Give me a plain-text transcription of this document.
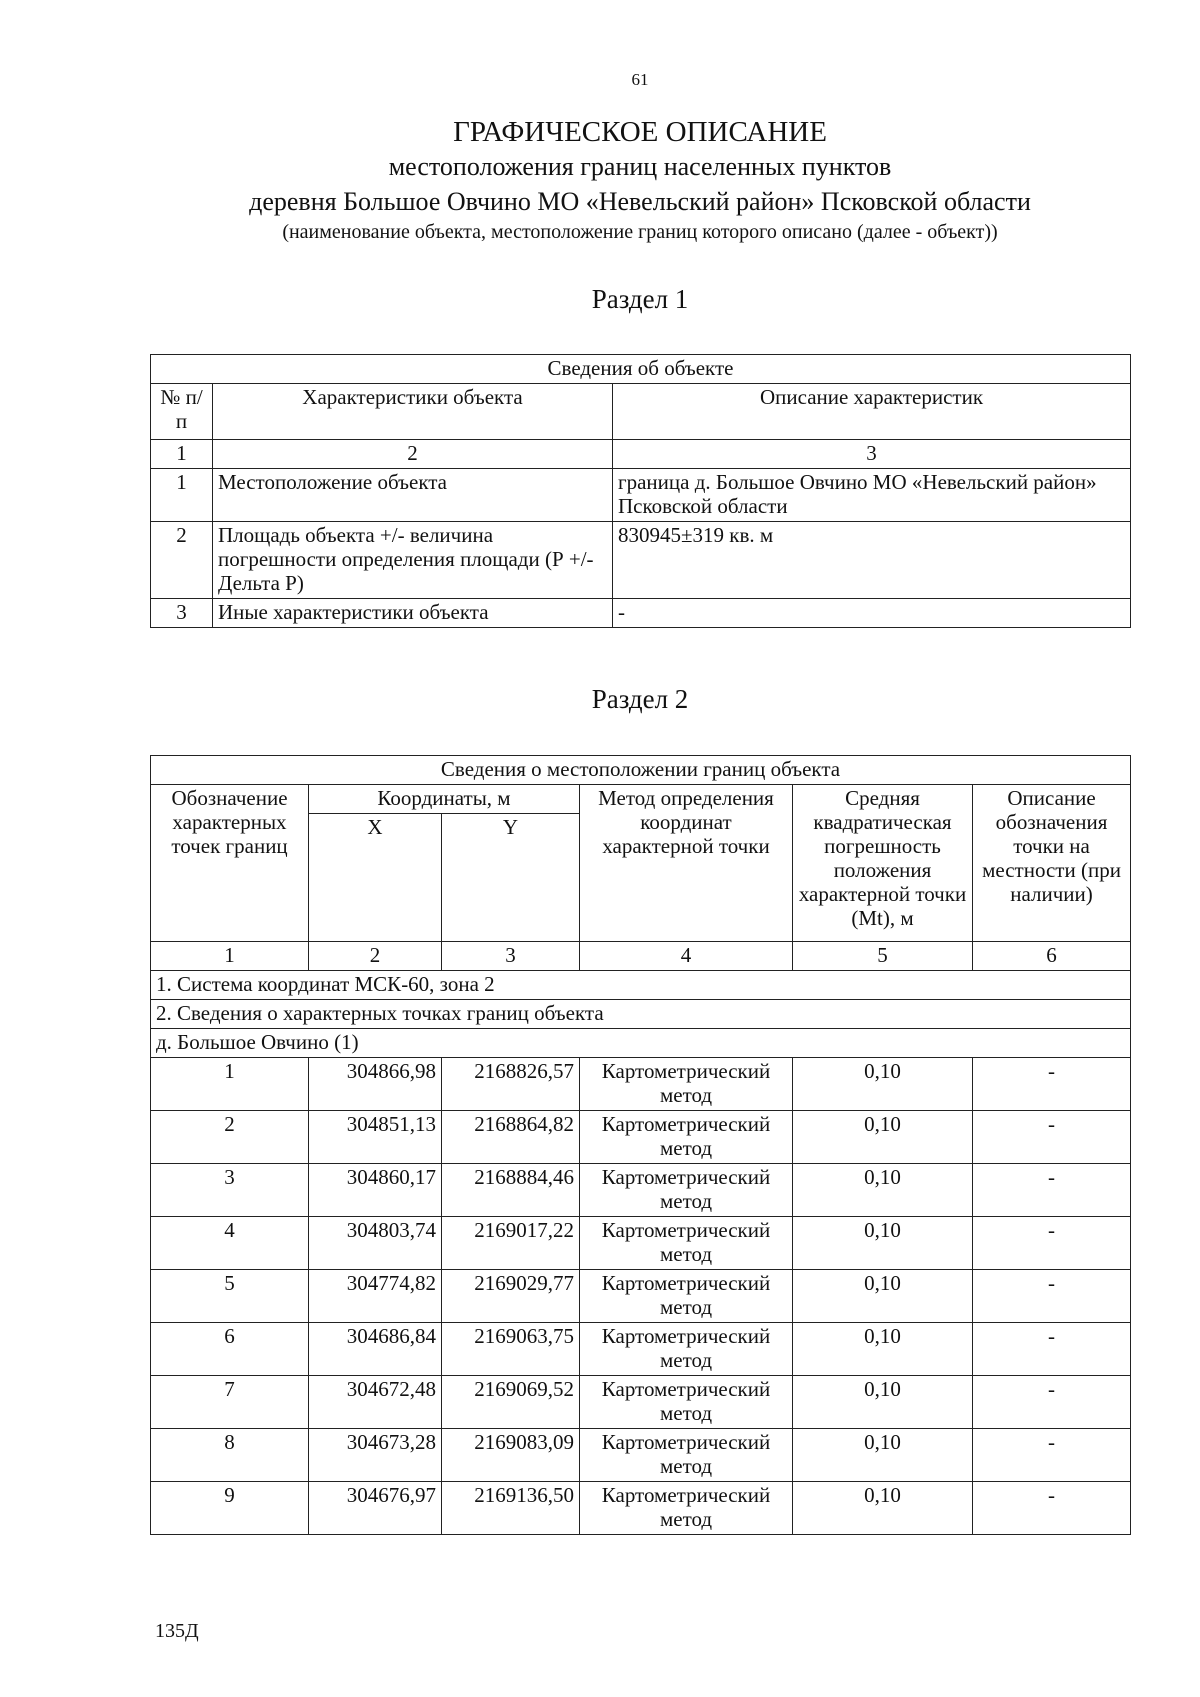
61
ГРАФИЧЕСКОЕ ОПИСАНИЕ
местоположения границ населенных пунктов
деревня Большое Овчино МО «Невельский район» Псковской области
(наименование объекта, местоположение границ которого описано (далее - объект))
Раздел 1
Сведения об объекте		
№ п/п	Характеристики объекта	Описание характеристик
1	2	3
1	Местоположение объекта	граница д. Большое Овчино МО «Невельский район» Псковской области
2	Площадь объекта +/- величина погрешности определения площади (Р +/- Дельта Р)	830945±319 кв. м
3	Иные характеристики объекта	-
Раздел 2
Сведения о местоположении границ объекта					
Обозначение характерных точек границ	Координаты, м		Метод определения координат характерной точки	Средняя квадратическая погрешность положения характерной точки (Mt), м	Описание обозначения точки на местности (при наличии)
	X	Y			
1	2	3	4	5	6
1. Система координат МСК-60, зона 2					
2. Сведения о характерных точках границ объекта					
д. Большое Овчино (1)					
1	304866,98	2168826,57	Картометрический метод	0,10	-
2	304851,13	2168864,82	Картометрический метод	0,10	-
3	304860,17	2168884,46	Картометрический метод	0,10	-
4	304803,74	2169017,22	Картометрический метод	0,10	-
5	304774,82	2169029,77	Картометрический метод	0,10	-
6	304686,84	2169063,75	Картометрический метод	0,10	-
7	304672,48	2169069,52	Картометрический метод	0,10	-
8	304673,28	2169083,09	Картометрический метод	0,10	-
9	304676,97	2169136,50	Картометрический метод	0,10	-
135Д
